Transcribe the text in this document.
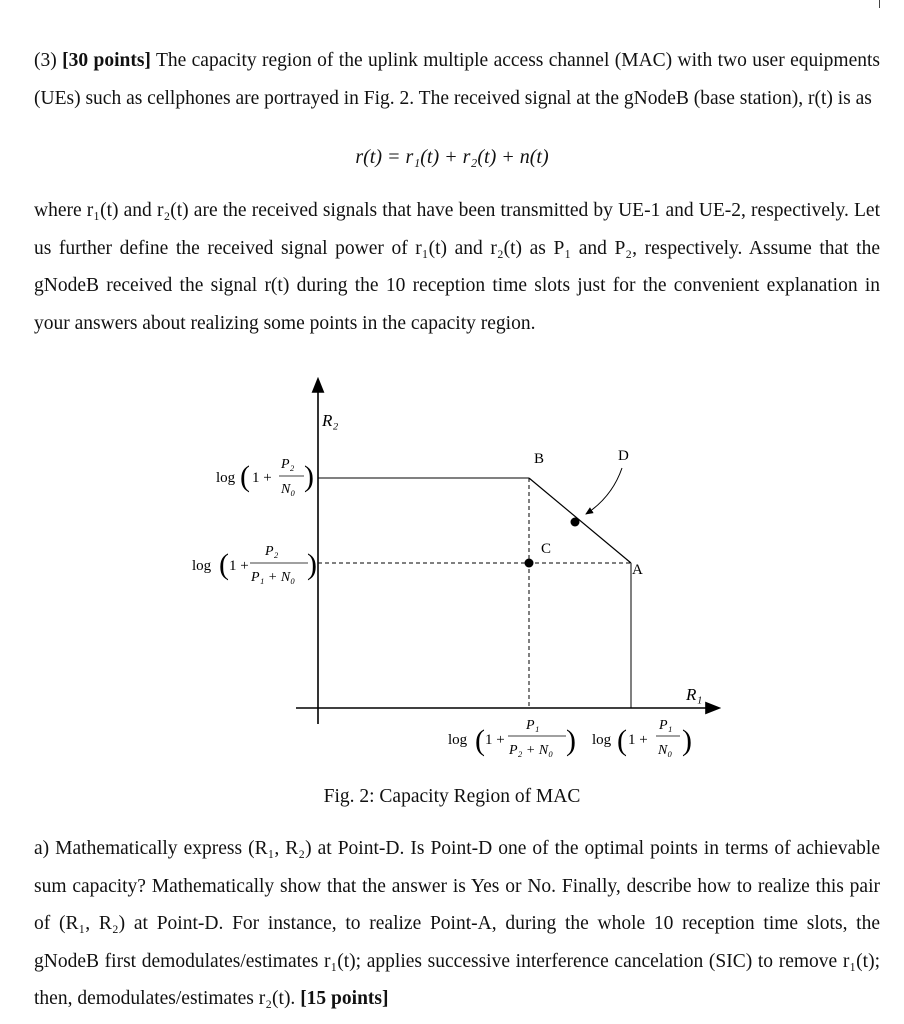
(3) [30 points] The capacity region of the uplink multiple access channel (MAC) with two user equipments (UEs) such as cellphones are portrayed in Fig. 2. The received signal at the gNodeB (base station), r(t) is as

r(t) = r₁(t) + r₂(t) + n(t)

where r₁(t) and r₂(t) are the received signals that have been transmitted by UE-1 and UE-2, respectively. Let us further define the received signal power of r₁(t) and r₂(t) as P₁ and P₂, respectively. Assume that the gNodeB received the signal r(t) during the 10 reception time slots just for the convenient explanation in your answers about realizing some points in the capacity region.

R₂
R₁
B	D
C
A
log ( 1 +
P₂
N₀ )
log ( 1 +
P₂
P₁ + N₀ )
log ( 1 +
P₁
P₂ + N₀ ) log ( 1 +
P₁
N₀ )
Fig. 2: Capacity Region of MAC

a) Mathematically express (R₁, R₂) at Point-D. Is Point-D one of the optimal points in terms of achievable sum capacity? Mathematically show that the answer is Yes or No. Finally, describe how to realize this pair of (R₁, R₂) at Point-D. For instance, to realize Point-A, during the whole 10 reception time slots, the gNodeB first demodulates/estimates r₁(t); applies successive interference cancelation (SIC) to remove r₁(t); then, demodulates/estimates r₂(t). [15 points]
